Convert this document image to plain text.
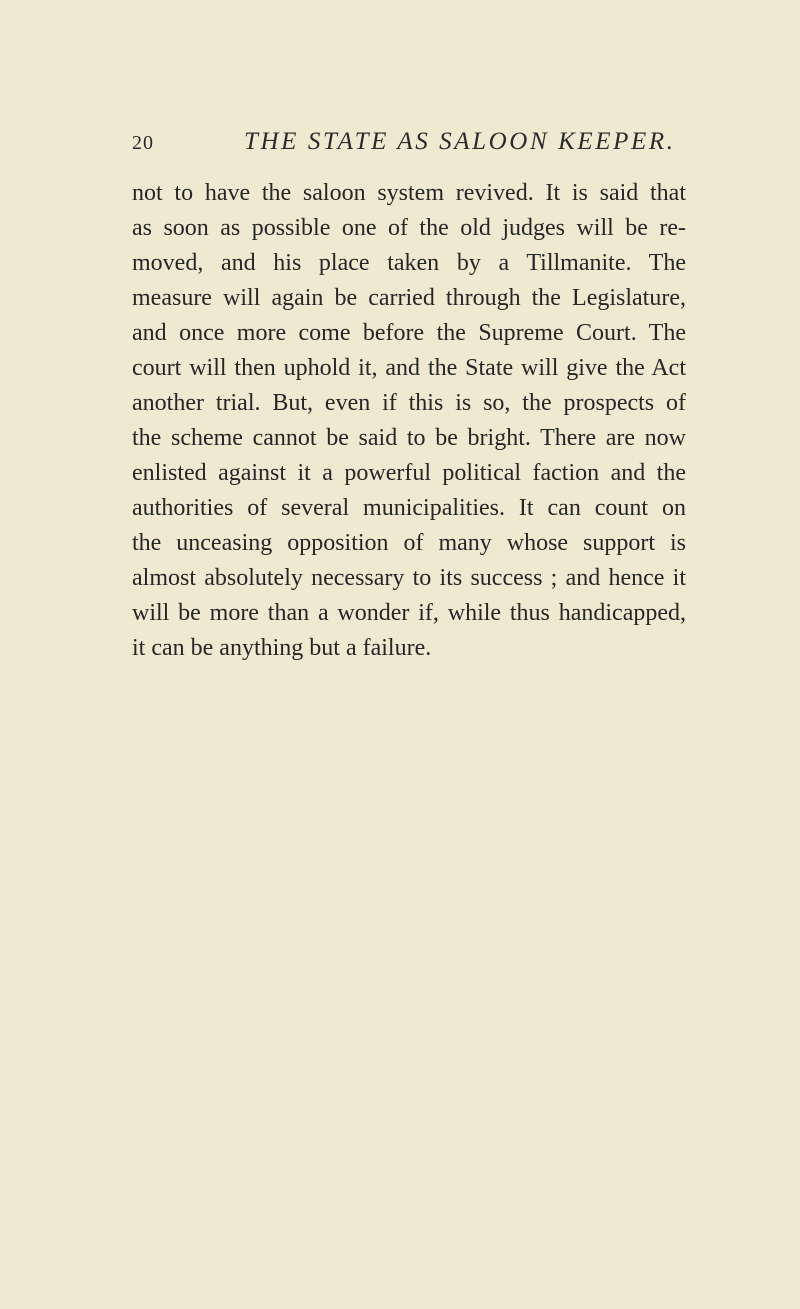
20	THE STATE AS SALOON KEEPER.
not to have the saloon system revived. It is said that
as soon as possible one of the old judges will be re-
moved, and his place taken by a Tillmanite. The
measure will again be carried through the Legislature,
and once more come before the Supreme Court. The
court will then uphold it, and the State will give the Act
another trial. But, even if this is so, the prospects of
the scheme cannot be said to be bright. There are now
enlisted against it a powerful political faction and the
authorities of several municipalities. It can count on
the unceasing opposition of many whose support is
almost absolutely necessary to its success ; and hence it
will be more than a wonder if, while thus handicapped,
it can be anything but a failure.
